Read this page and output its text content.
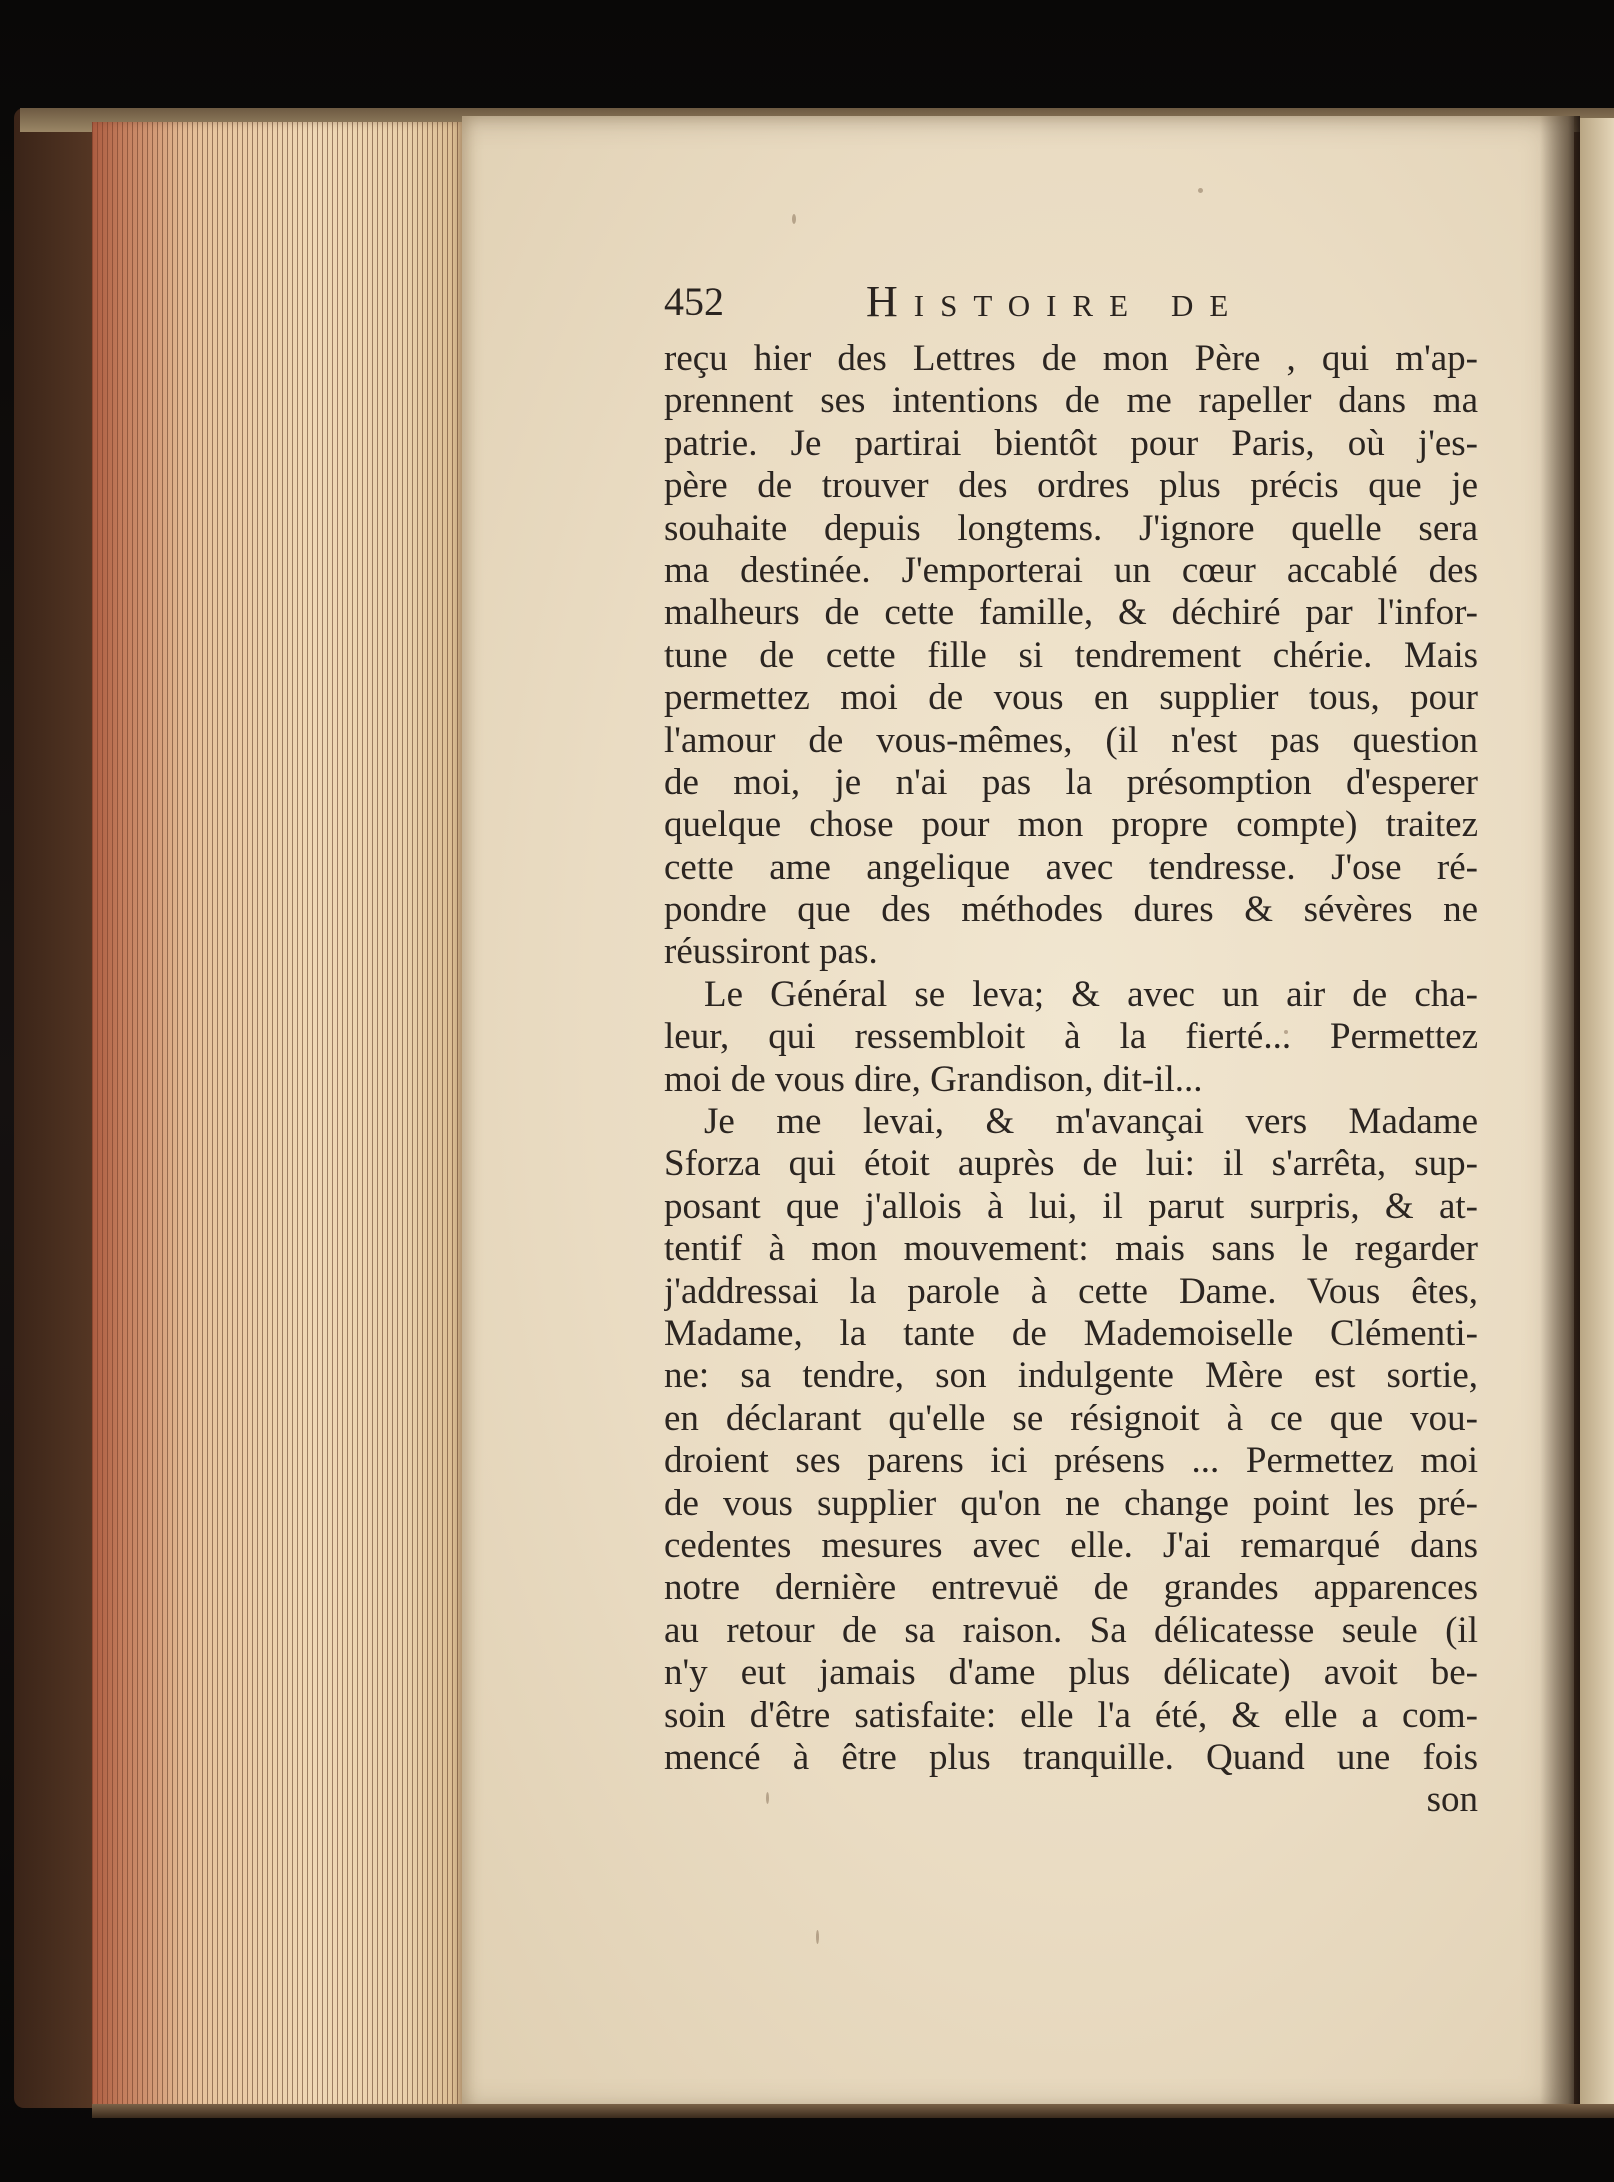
452	Histoire de
reçu hier des Lettres de mon Père , qui m'ap-
prennent ses intentions de me rapeller dans ma
patrie. Je partirai bientôt pour Paris, où j'es-
père de trouver des ordres plus précis que je
souhaite depuis longtems. J'ignore quelle sera
ma destinée. J'emporterai un cœur accablé des
malheurs de cette famille, & déchiré par l'infor-
tune de cette fille si tendrement chérie. Mais
permettez moi de vous en supplier tous, pour
l'amour de vous-mêmes, (il n'est pas question
de moi, je n'ai pas la présomption d'esperer
quelque chose pour mon propre compte) traitez
cette ame angelique avec tendresse. J'ose ré-
pondre que des méthodes dures & sévères ne
réussiront pas.
Le Général se leva; & avec un air de cha-
leur, qui ressembloit à la fierté... Permettez
moi de vous dire, Grandison, dit-il...
Je me levai, & m'avançai vers Madame
Sforza qui étoit auprès de lui: il s'arrêta, sup-
posant que j'allois à lui, il parut surpris, & at-
tentif à mon mouvement: mais sans le regarder
j'addressai la parole à cette Dame. Vous êtes,
Madame, la tante de Mademoiselle Clémenti-
ne: sa tendre, son indulgente Mère est sortie,
en déclarant qu'elle se résignoit à ce que vou-
droient ses parens ici présens ... Permettez moi
de vous supplier qu'on ne change point les pré-
cedentes mesures avec elle. J'ai remarqué dans
notre dernière entrevuë de grandes apparences
au retour de sa raison. Sa délicatesse seule (il
n'y eut jamais d'ame plus délicate) avoit be-
soin d'être satisfaite: elle l'a été, & elle a com-
mencé à être plus tranquille. Quand une fois
son
